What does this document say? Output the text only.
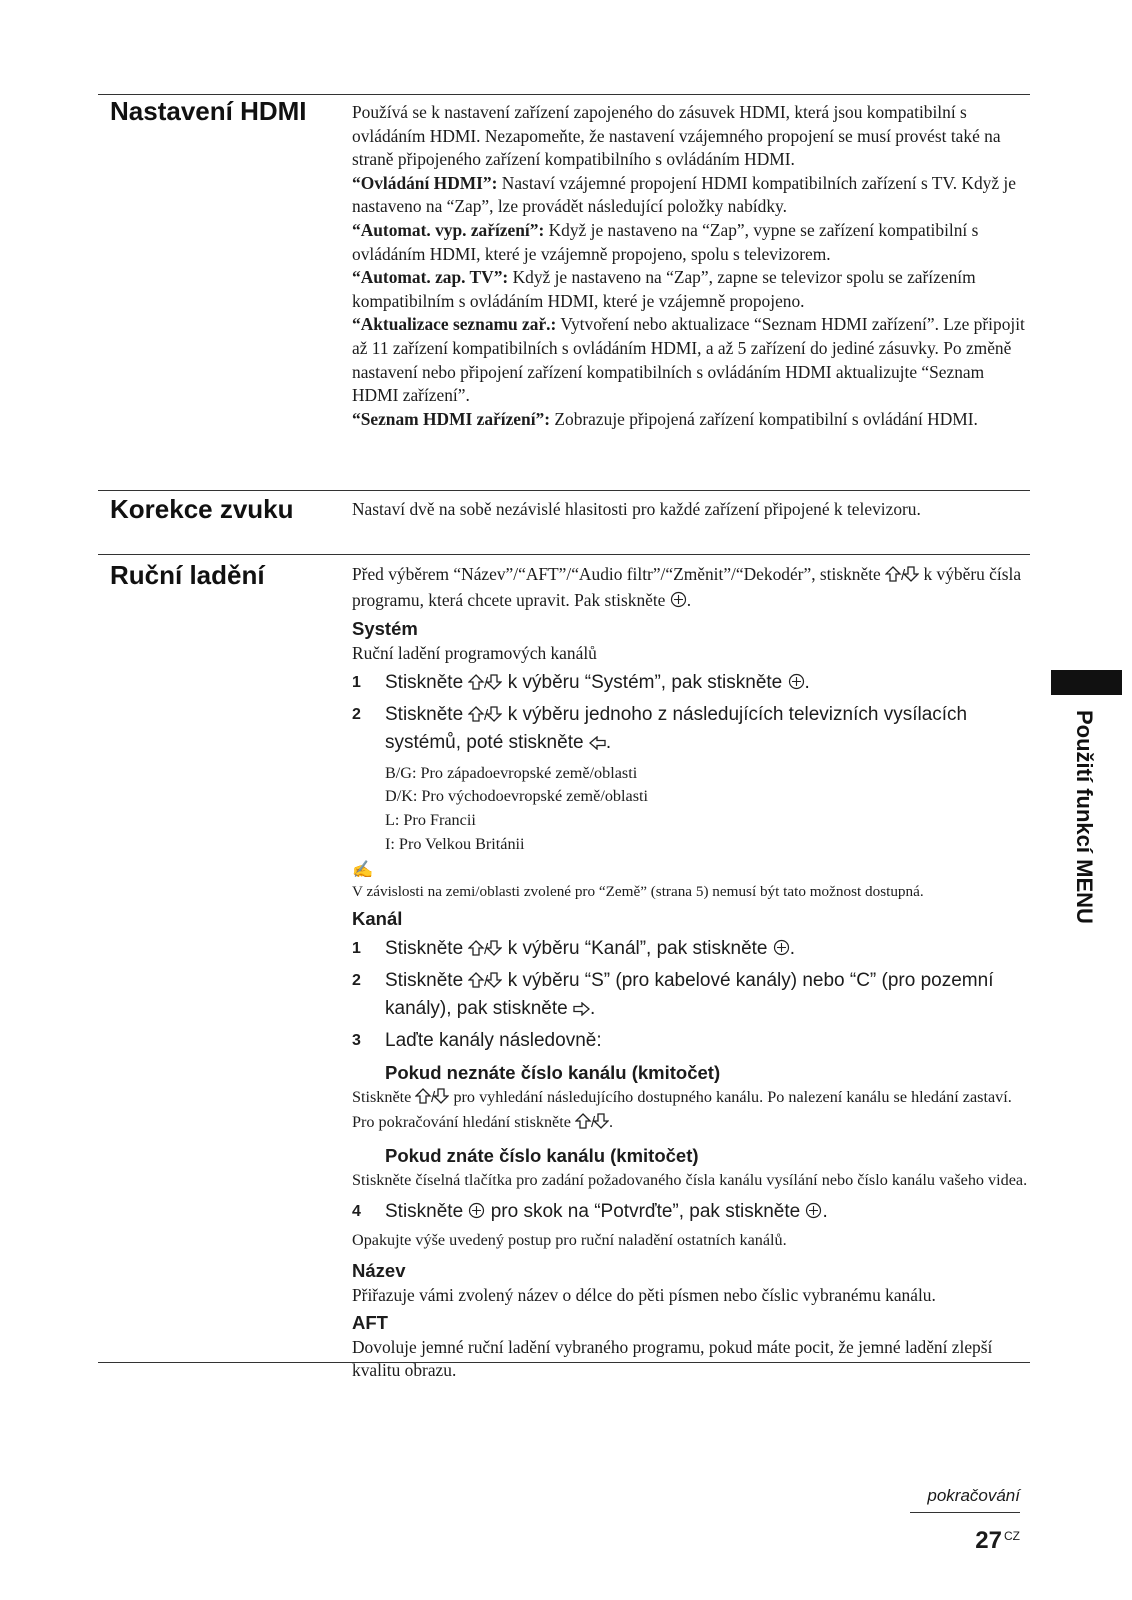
Nastavení HDMI	Používá se k nastavení zařízení zapojeného do zásuvek HDMI, která jsou kompatibilní s ovládáním HDMI. Nezapomeňte, že nastavení vzájemného propojení se musí provést také na straně připojeného zařízení kompatibilního s ovládáním HDMI.

“Ovládání HDMI”: Nastaví vzájemné propojení HDMI kompatibilních zařízení s TV. Když je nastaveno na “Zap”, lze provádět následující položky nabídky.

“Automat. vyp. zařízení”: Když je nastaveno na “Zap”, vypne se zařízení kompatibilní s ovládáním HDMI, které je vzájemně propojeno, spolu s televizorem.

“Automat. zap. TV”: Když je nastaveno na “Zap”, zapne se televizor spolu se zařízením kompatibilním s ovládáním HDMI, které je vzájemně propojeno.

“Aktualizace seznamu zař.: Vytvoření nebo aktualizace “Seznam HDMI zařízení”. Lze připojit až 11 zařízení kompatibilních s ovládáním HDMI, a až 5 zařízení do jediné zásuvky. Po změně nastavení nebo připojení zařízení kompatibilních s ovládáním HDMI aktualizujte “Seznam HDMI zařízení”.

“Seznam HDMI zařízení”: Zobrazuje připojená zařízení kompatibilní s ovládání HDMI.

Korekce zvuku	Nastaví dvě na sobě nezávislé hlasitosti pro každé zařízení připojené k televizoru.

Ruční ladění	Před výběrem “Název”/“AFT”/“Audio filtr”/“Změnit”/“Dekodér”, stiskněte / k výběru čísla programu, která chcete upravit. Pak stiskněte .

Systém

Ruční ladění programových kanálů

1	Stiskněte / k výběru “Systém”, pak stiskněte .
2	Stiskněte / k výběru jednoho z následujících televizních vysílacích systémů, poté stiskněte .

B/G: Pro západoevropské země/oblasti

D/K: Pro východoevropské země/oblasti

L: Pro Francii

I: Pro Velkou Británii

✍

V závislosti na zemi/oblasti zvolené pro “Země” (strana 5) nemusí být tato možnost dostupná.

Kanál
1	Stiskněte / k výběru “Kanál”, pak stiskněte .
2	Stiskněte / k výběru “S” (pro kabelové kanály) nebo “C” (pro pozemní kanály), pak stiskněte .
3	Laďte kanály následovně:
Pokud neznáte číslo kanálu (kmitočet)

Stiskněte / pro vyhledání následujícího dostupného kanálu. Po nalezení kanálu se hledání zastaví. Pro pokračování hledání stiskněte / .

Pokud znáte číslo kanálu (kmitočet)

Stiskněte číselná tlačítka pro zadání požadovaného čísla kanálu vysílání nebo číslo kanálu vašeho videa.

4	Stiskněte pro skok na “Potvrďte”, pak stiskněte .

Opakujte výše uvedený postup pro ruční naladění ostatních kanálů.

Název

Přiřazuje vámi zvolený název o délce do pěti písmen nebo číslic vybranému kanálu.

AFT

Dovoluje jemné ruční ladění vybraného programu, pokud máte pocit, že jemné ladění zlepší kvalitu obrazu.

Použití funkcí MENU
pokračování
27 $^{CZ}$
